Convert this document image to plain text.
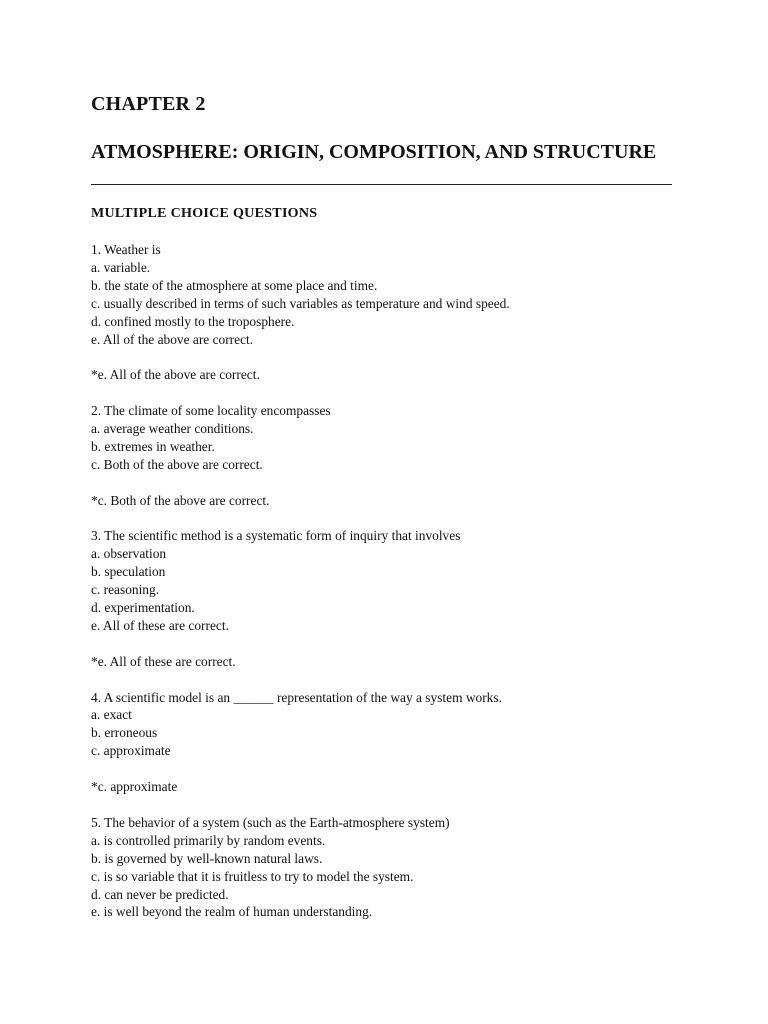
CHAPTER 2
ATMOSPHERE: ORIGIN, COMPOSITION, AND STRUCTURE
MULTIPLE CHOICE QUESTIONS
1. Weather is
a. variable.
b. the state of the atmosphere at some place and time.
c. usually described in terms of such variables as temperature and wind speed.
d. confined mostly to the troposphere.
e. All of the above are correct.
*e. All of the above are correct.
2. The climate of some locality encompasses
a. average weather conditions.
b. extremes in weather.
c. Both of the above are correct.
*c. Both of the above are correct.
3. The scientific method is a systematic form of inquiry that involves
a. observation
b. speculation
c. reasoning.
d. experimentation.
e. All of these are correct.
*e. All of these are correct.
4. A scientific model is an ______ representation of the way a system works.
a. exact
b. erroneous
c. approximate
*c. approximate
5. The behavior of a system (such as the Earth-atmosphere system)
a. is controlled primarily by random events.
b. is governed by well-known natural laws.
c. is so variable that it is fruitless to try to model the system.
d. can never be predicted.
e. is well beyond the realm of human understanding.
